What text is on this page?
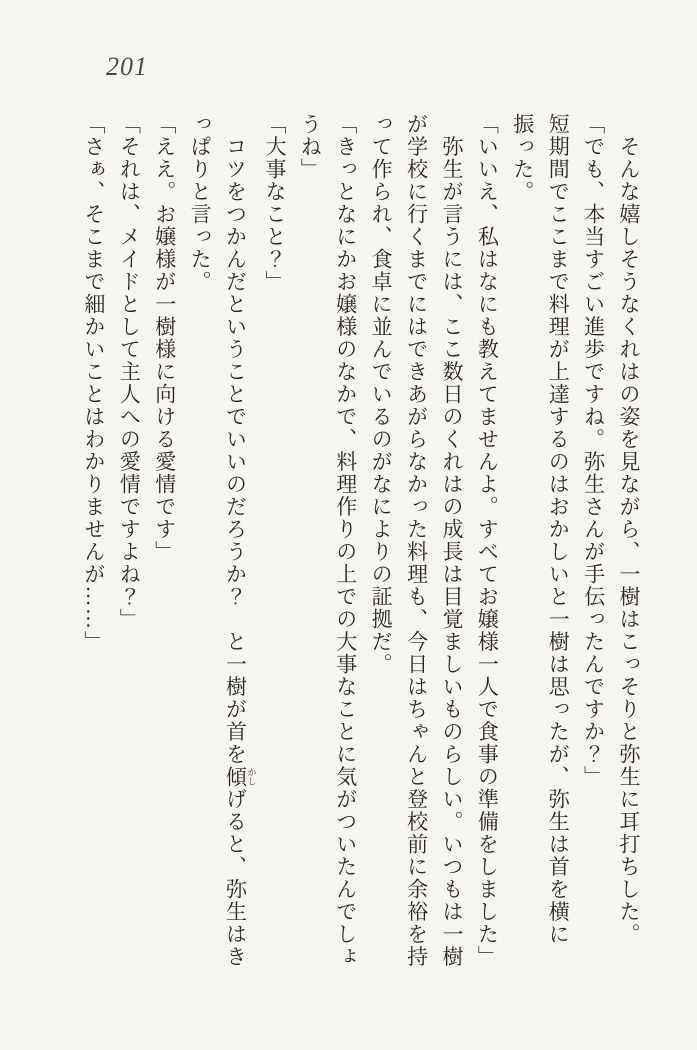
201

　そんな嬉しそうなくれはの姿を見ながら、一樹はこっそりと弥生に耳打ちした。

「でも、本当すごい進歩ですね。弥生さんが手伝ったんですか？」

短期間でここまで料理が上達するのはおかしいと一樹は思ったが、弥生は首を横に

振った。

「いいえ、私はなにも教えてませんよ。すべてお嬢様一人で食事の準備をしました」

　弥生が言うには、ここ数日のくれはの成長は目覚ましいものらしい。いつもは一樹

が学校に行くまでにはできあがらなかった料理も、今日はちゃんと登校前に余裕を持

って作られ、食卓に並んでいるのがなによりの証拠だ。

「きっとなにかお嬢様のなかで、料理作りの上での大事なことに気がついたんでしょ

うね」

「大事なこと？」

　コツをつかんだということでいいのだろうか？　と一樹が首を傾 かしげると、弥生はき

っぱりと言った。

「ええ。お嬢様が一樹様に向ける愛情です」

「それは、メイドとして主人への愛情ですよね？」

「さぁ、そこまで細かいことはわかりませんが……」
